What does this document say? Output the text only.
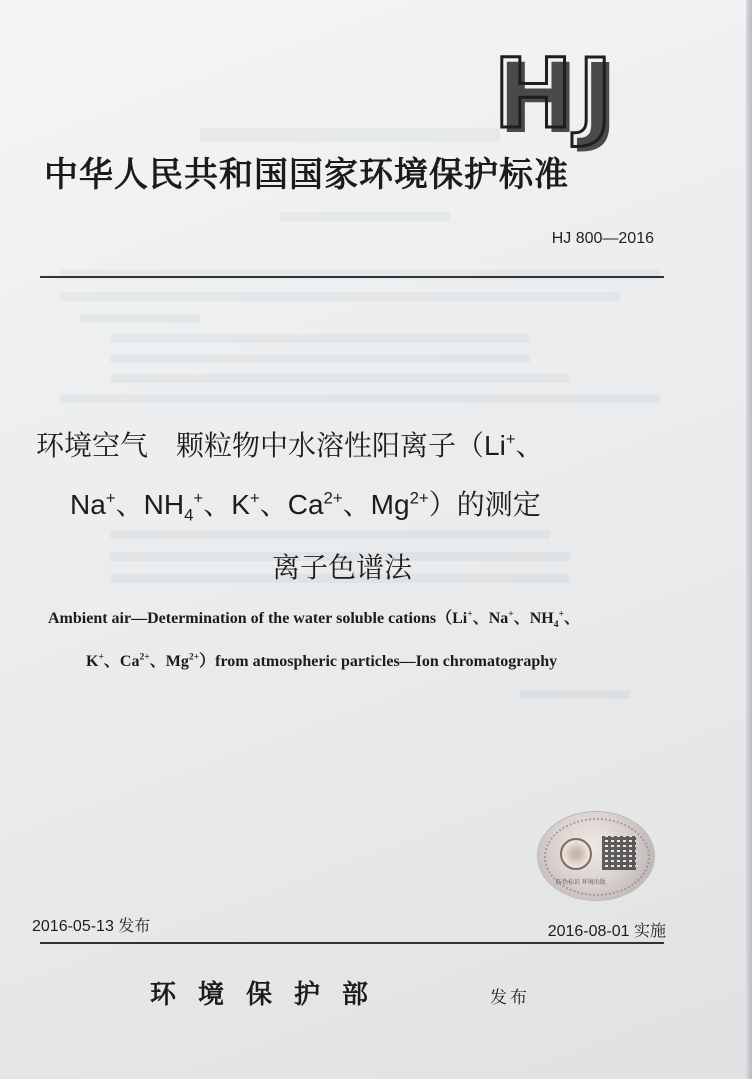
HJ
中华人民共和国国家环境保护标准
HJ 800—2016
环境空气　颗粒物中水溶性阳离子（Li+、
Na+、$NH_4^+$、K+、$Ca^{2+}$、$Mg^{2+}$）的测定
离子色谱法
Ambient air—Determination of the water soluble cations（Li+、Na+、$NH_4^+$、
K+、$Ca^{2+}$、$Mg^{2+})from$ atmospheric particles—Ion chromatography
防伪标识 环境出版
2016-05-13 发布	2016-08-01 实施
环境保护部	发布
